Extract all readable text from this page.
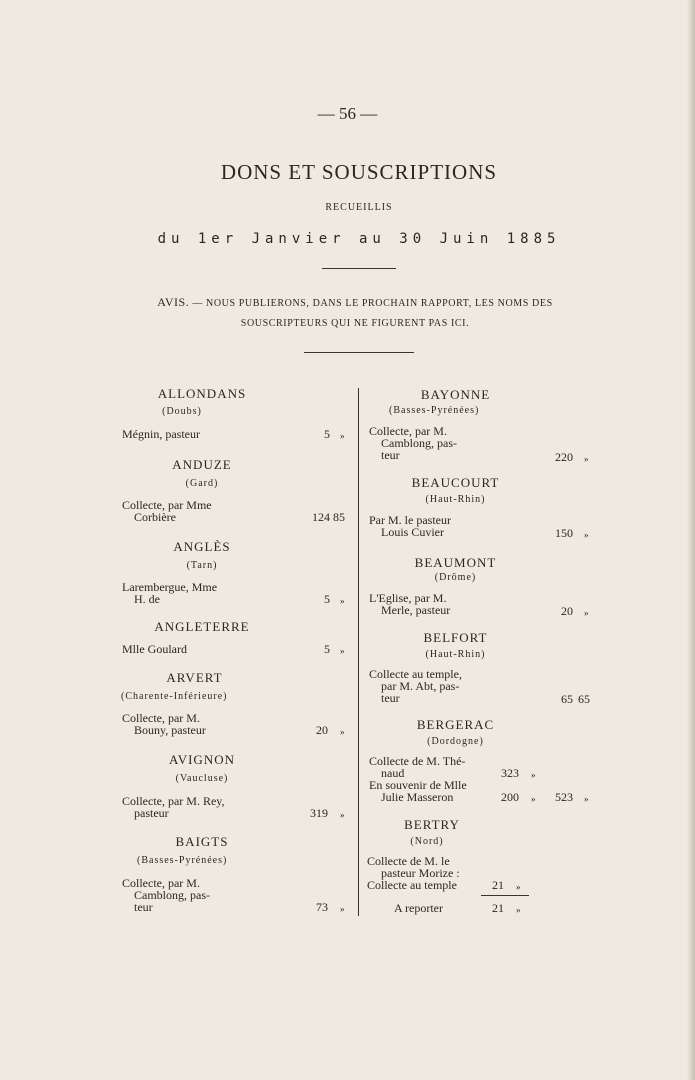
— 56 —
DONS ET SOUSCRIPTIONS
RECUEILLIS
du 1er Janvier au 30 Juin 1885
AVIS. — NOUS PUBLIERONS, DANS LE PROCHAIN RAPPORT, LES NOMS DES
SOUSCRIPTEURS QUI NE FIGURENT PAS ICI.
ALLONDANS
(Doubs)
Mégnin, pasteur	5 »
ANDUZE
(Gard)
Collecte, par Mme
Corbière	124 85
ANGLÈS
(Tarn)
Larembergue, Mme
H. de	5 »
ANGLETERRE
Mlle Goulard	5 »
ARVERT
(Charente-Inférieure)
Collecte, par M.
Bouny, pasteur	20 »
AVIGNON
(Vaucluse)
Collecte, par M. Rey,
pasteur	319 »
BAIGTS
(Basses-Pyrénées)
Collecte, par M.
Camblong, pas-
teur	73 »
BAYONNE
(Basses-Pyrénées)
Collecte, par M.
Camblong, pas-
teur	220 »
BEAUCOURT
(Haut-Rhin)
Par M. le pasteur
Louis Cuvier	150 »
BEAUMONT
(Drôme)
L'Eglise, par M.
Merle, pasteur	20 »
BELFORT
(Haut-Rhin)
Collecte au temple,
par M. Abt, pas-
teur	65 65
BERGERAC
(Dordogne)
Collecte de M. Thé-
naud	323 »
En souvenir de Mlle
Julie Masseron	200 »	523 »
BERTRY
(Nord)
Collecte de M. le
pasteur Morize :
Collecte au temple	21 »
A reporter	21 »
